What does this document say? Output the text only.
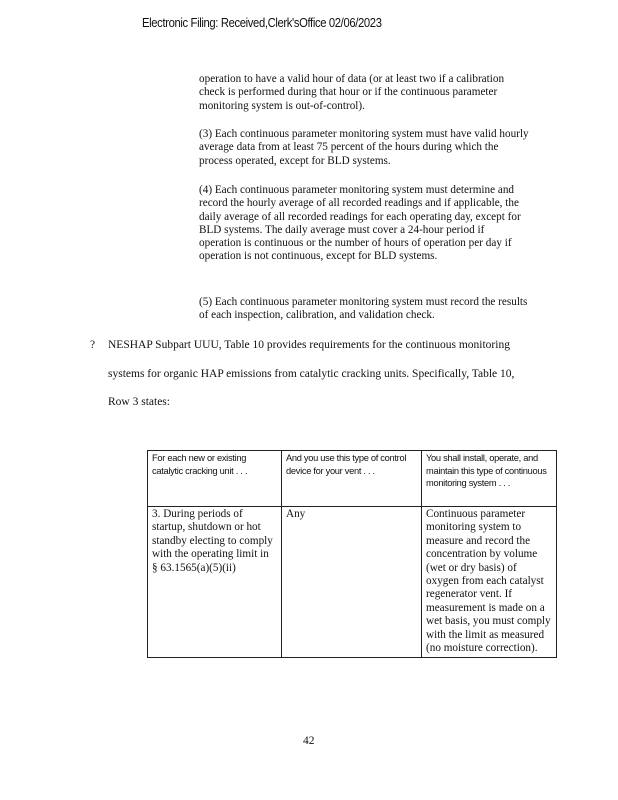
Electronic Filing: Received,Clerk'sOffice 02/06/2023

operation to have a valid hour of data (or at least two if a calibration check is performed during that hour or if the continuous parameter monitoring system is out-of-control).

(3) Each continuous parameter monitoring system must have valid hourly average data from at least 75 percent of the hours during which the process operated, except for BLD systems.

(4) Each continuous parameter monitoring system must determine and record the hourly average of all recorded readings and if applicable, the daily average of all recorded readings for each operating day, except for BLD systems. The daily average must cover a 24-hour period if operation is continuous or the number of hours of operation per day if operation is not continuous, except for BLD systems.

(5) Each continuous parameter monitoring system must record the results of each inspection, calibration, and validation check.

? NESHAP Subpart UUU, Table 10 provides requirements for the continuous monitoring
systems for organic HAP emissions from catalytic cracking units. Specifically, Table 10,
Row 3 states:
For each new or existing catalytic cracking unit . . .	And you use this type of control device for your vent . . .	You shall install, operate, and maintain this type of continuous monitoring system . . .
3. During periods of startup, shutdown or hot standby electing to comply with the operating limit in § 63.1565(a)(5)(ii)	Any	Continuous parameter monitoring system to measure and record the concentration by volume (wet or dry basis) of oxygen from each catalyst regenerator vent. If measurement is made on a wet basis, you must comply with the limit as measured (no moisture correction).
42
